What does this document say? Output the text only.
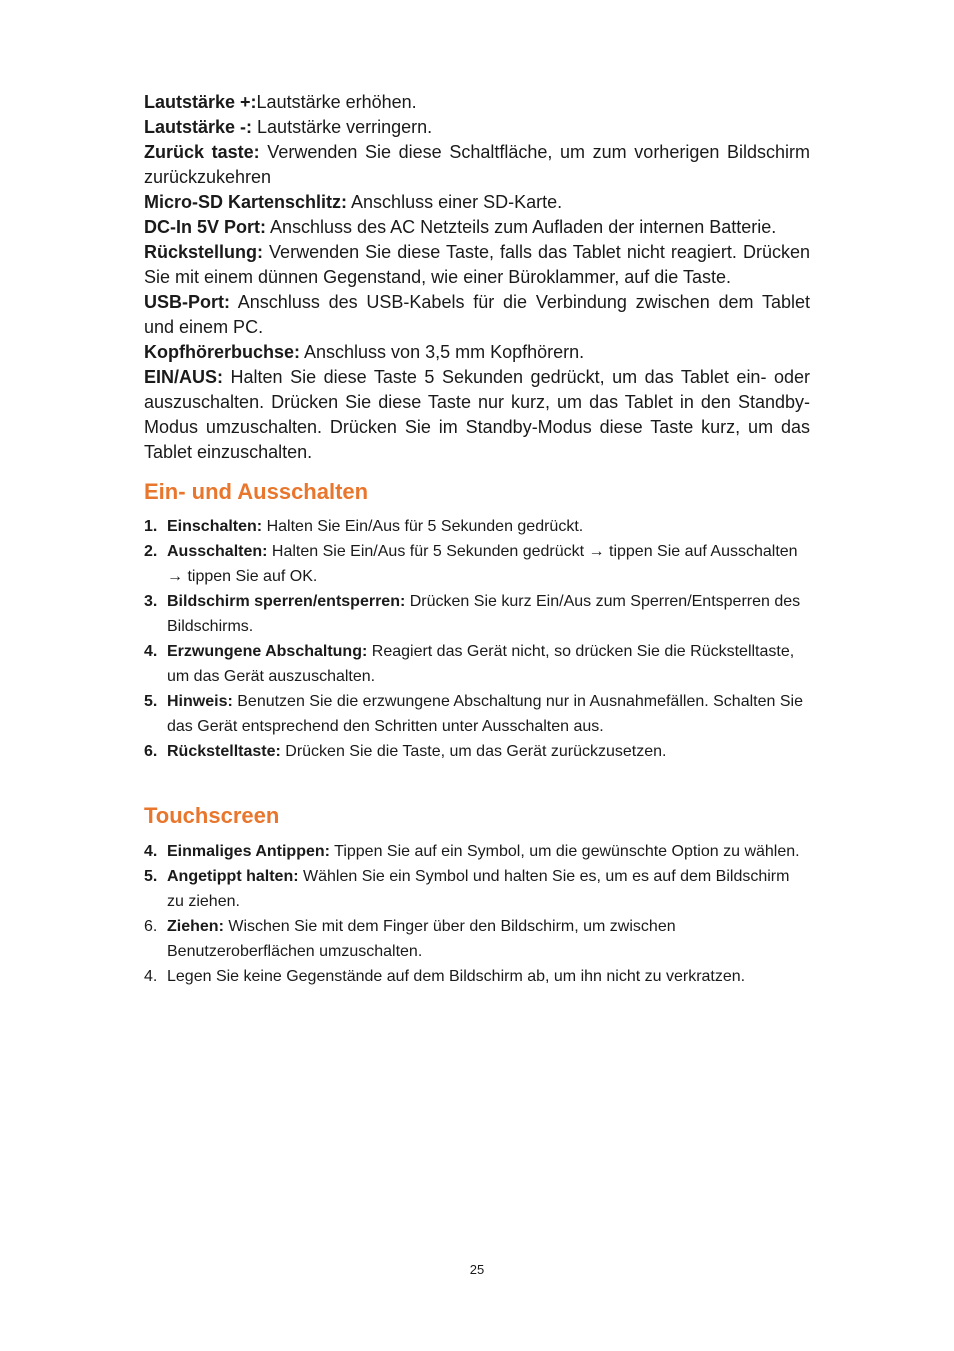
Lautstärke +:Lautstärke erhöhen.

Lautstärke -: Lautstärke verringern.

Zurück taste: Verwenden Sie diese Schaltfläche, um zum vorherigen Bildschirm zurückzukehren

Micro-SD Kartenschlitz: Anschluss einer SD-Karte.

DC-In 5V Port: Anschluss des AC Netzteils zum Aufladen der internen Batterie.

Rückstellung: Verwenden Sie diese Taste, falls das Tablet nicht reagiert. Drücken Sie mit einem dünnen Gegenstand, wie einer Büroklammer, auf die Taste.

USB-Port: Anschluss des USB-Kabels für die Verbindung zwischen dem Tablet und einem PC.

Kopfhörerbuchse: Anschluss von 3,5 mm Kopfhörern.

EIN/AUS: Halten Sie diese Taste 5 Sekunden gedrückt, um das Tablet ein- oder auszuschalten. Drücken Sie diese Taste nur kurz, um das Tablet in den Standby-Modus umzuschalten. Drücken Sie im Standby-Modus diese Taste kurz, um das Tablet einzuschalten.

Ein- und Ausschalten
1. Einschalten: Halten Sie Ein/Aus für 5 Sekunden gedrückt.
2. Ausschalten: Halten Sie Ein/Aus für 5 Sekunden gedrückt → tippen Sie auf Ausschalten → tippen Sie auf OK.
3. Bildschirm sperren/entsperren: Drücken Sie kurz Ein/Aus zum Sperren/Entsperren des Bildschirms.
4. Erzwungene Abschaltung: Reagiert das Gerät nicht, so drücken Sie die Rückstelltaste, um das Gerät auszuschalten.
5. Hinweis: Benutzen Sie die erzwungene Abschaltung nur in Ausnahmefällen. Schalten Sie das Gerät entsprechend den Schritten unter Ausschalten aus.
6. Rückstelltaste: Drücken Sie die Taste, um das Gerät zurückzusetzen.
Touchscreen
4. Einmaliges Antippen: Tippen Sie auf ein Symbol, um die gewünschte Option zu wählen.
5. Angetippt halten: Wählen Sie ein Symbol und halten Sie es, um es auf dem Bildschirm zu ziehen.
6. Ziehen: Wischen Sie mit dem Finger über den Bildschirm, um zwischen Benutzeroberflächen umzuschalten.
4. Legen Sie keine Gegenstände auf dem Bildschirm ab, um ihn nicht zu verkratzen.
25
